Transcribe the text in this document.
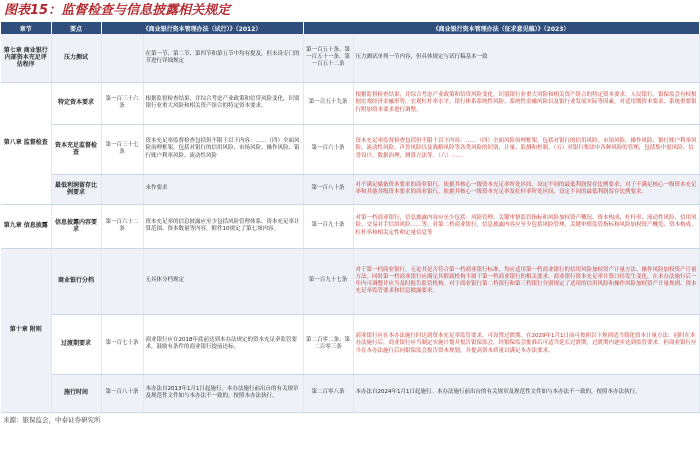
图表15：监督检查与信息披露相关规定
章节	要点	《商业银行资本管理办法（试行）》（2012）		《商业银行资本管理办法（征求意见稿）》（2023）	
第七章 商业银行内部资本充足评估程序	压力测试		在第一节、第二节、第四节和第五节中均有提及，但未设专门的节进行详细规定	第一百五十条、第一百五十一条、第一百五十二条	压力测试单列一节内容，但具体规定与试行稿基本一致
第八章 监督检查	特定资本要求	第一百三十六条	根据监督检查结果，并综合考虑产业政策和信贷风险变化，识别银行业重大风险和相关资产组合的特定资本要求。	第一百五十九条	根据监督检查结果，并综合考虑产业政策和信贷风险变化，识别银行业重大风险和相关资产组合的特定资本要求。人民银行、银保监会有权根据宏观经济金融形势、宏观杠杆率水平、银行体系系统性风险、系统性金融风险以及银行业发展实际等因素，对适用期资本要求、系统重要银行附加资本要求进行调整。
	资本充足监督检查	第一百三十七条	资本充足率监督检查包括但不限于以下内容：……（四）全面风险治理框架，包括对银行的信用风险、市场风险、操作风险、银行账户利率风险、流动性风险	第一百六十条	资本充足率监督检查包括但不限于以下内容：……（四）全面风险治理框架，包括对银行的信用风险、市场风险、操作风险、银行账户利率风险、流动性风险、声誉风险以及战略风险等各类风险的识别、计量、监测和控制。（五）对银行集团中各种风险的管理，包括集中度风险、信誉设计、数据治理、测算方法等。（六）……
	最低利润留存比例要求		未作要求	第一百八十条	对不满足储备资本要求的商业银行，依据其核心一级资本充足率所处区间，设定不同的最低利润留存比例要求；对于不满足核心一级资本充足率和其他各级资本要求的商业银行，依据其核心一级资本充足率及杠杆率所处区间，设定不同的最低利润留存比例要求。
第九章 信息披露	信息披露内容要求	第一百六十二条	资本充足率的信息披露应至少包括风险管理体系、资本充足率计算范围、资本数量等内容，附件10规定了第七项内容。	第一百九十条	对第一档商业银行，信息披露内容应至少包括：风险管理、关键审慎监管指标和风险加权资产概况、资本构成、杠杆率、流动性风险、信用风险、交易对手信用风险……等。对第二档商业银行，信息披露内容应至少包括风险管理、关键审慎监管指标和风险加权资产概览、资本构成、杠杆率和相关定性和定量信息等
第十章 附则	商业银行分档		无具体分档规定	第一百九十七条	对于第一档商业银行，无论其是否符合第一档商业银行标准，均应适用第一档商业银行的信用风险加权资产计量方法、操作风险加权资产计量方法。同时第一档商业银行应满足其附属机构不属于第一档商业银行的相关要求。商业银行资本充足率计算口径发生变化，在本办法施行后一年内可调整并应当及时报告监管机构。对于商业银行第二档银行和第三档银行分别规定了适用的信用风险和操作风险加权资产计量规则、资本充足率监管要求和信息披露要求。
	过渡期要求	第一百七十条	商业银行应在2018年底前达到本办法规定的资本充足率监管要求，鼓励有条件的商业银行提前达标。	第二百零二条、第二百零三条	商业银行应在本办法施行时达到资本充足率监管要求，可设置过渡期。在2029年1月1日前可按照以下规则适当简化资本计量方法：同时在本办法施行后，商业银行应当制定实施计划并报告银保监会，经银保监会批准后可适当延长过渡期，过渡期内逐步达到监管要求。但商业银行应当在本办法施行后向银保监会报告资本规划，并提高资本质量以满足本办法要求。
	施行时间	第一百八十条	本办法自2013年1月1日起施行。本办法施行前出台的有关规章及规范性文件如与本办法不一致的，按照本办法执行。	第二百零八条	本办法自2024年1月1日起施行。本办法施行前出台的有关规章及规范性文件如与本办法不一致的，按照本办法执行。
来源：银保监会，中泰证券研究所
